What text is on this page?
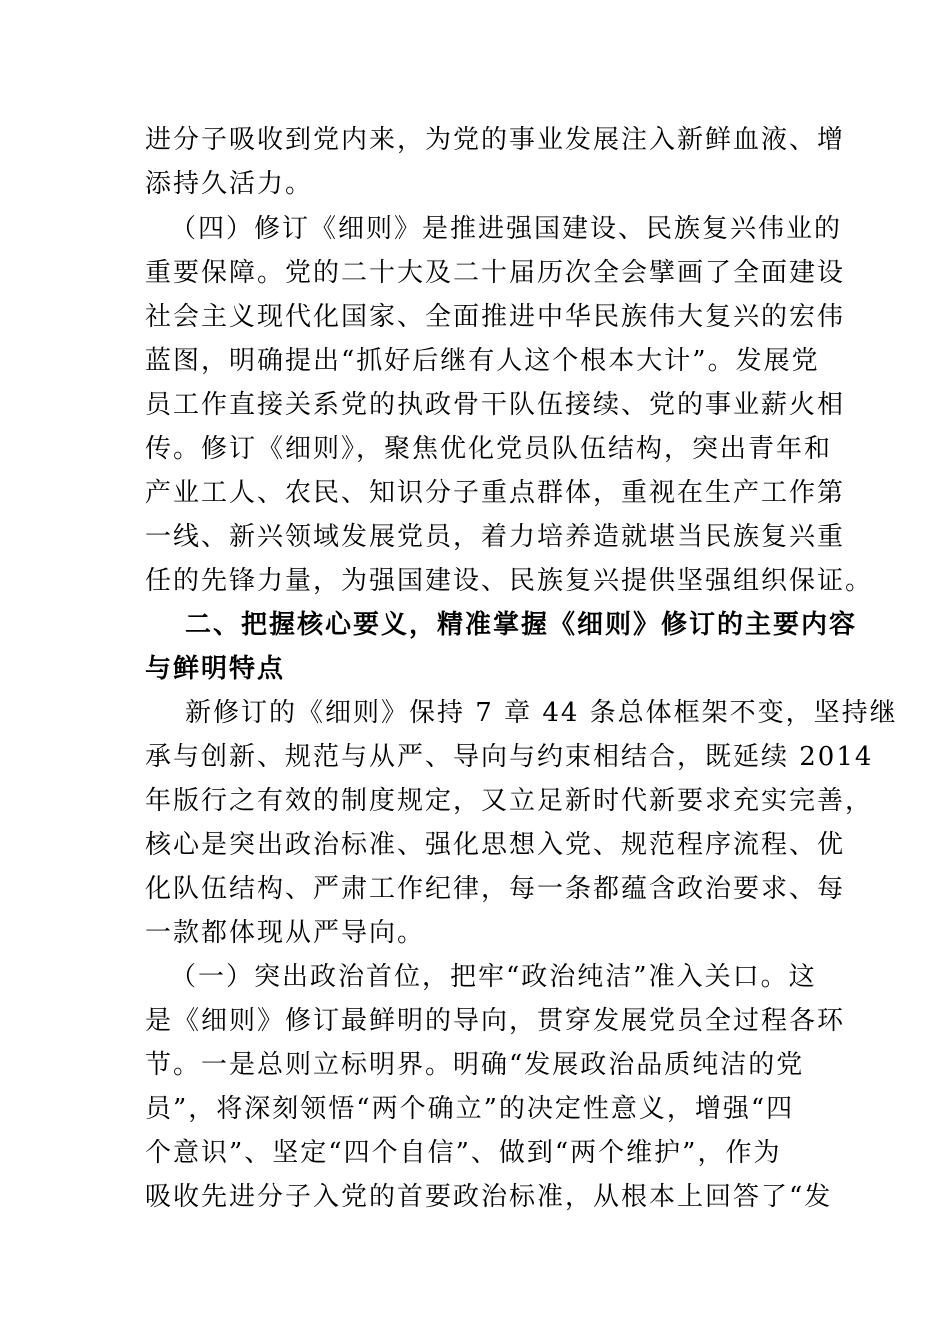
进分子吸收到党内来，为党的事业发展注入新鲜血液、增
添持久活力。
（四）修订《细则》是推进强国建设、民族复兴伟业的
重要保障。党的二十大及二十届历次全会擘画了全面建设
社会主义现代化国家、全面推进中华民族伟大复兴的宏伟
蓝图，明确提出“抓好后继有人这个根本大计”。发展党
员工作直接关系党的执政骨干队伍接续、党的事业薪火相
传。修订《细则》，聚焦优化党员队伍结构，突出青年和
产业工人、农民、知识分子重点群体，重视在生产工作第
一线、新兴领域发展党员，着力培养造就堪当民族复兴重
任的先锋力量，为强国建设、民族复兴提供坚强组织保证。
二、把握核心要义，精准掌握《细则》修订的主要内容
与鲜明特点
新修订的《细则》保持 7 章 44 条总体框架不变，坚持继
承与创新、规范与从严、导向与约束相结合，既延续 2014
年版行之有效的制度规定，又立足新时代新要求充实完善，
核心是突出政治标准、强化思想入党、规范程序流程、优
化队伍结构、严肃工作纪律，每一条都蕴含政治要求、每
一款都体现从严导向。
（一）突出政治首位，把牢“政治纯洁”准入关口。这
是《细则》修订最鲜明的导向，贯穿发展党员全过程各环
节。一是总则立标明界。明确“发展政治品质纯洁的党
员”，将深刻领悟“两个确立”的决定性意义，增强“四
个意识”、坚定“四个自信”、做到“两个维护”，作为
吸收先进分子入党的首要政治标准，从根本上回答了“发
